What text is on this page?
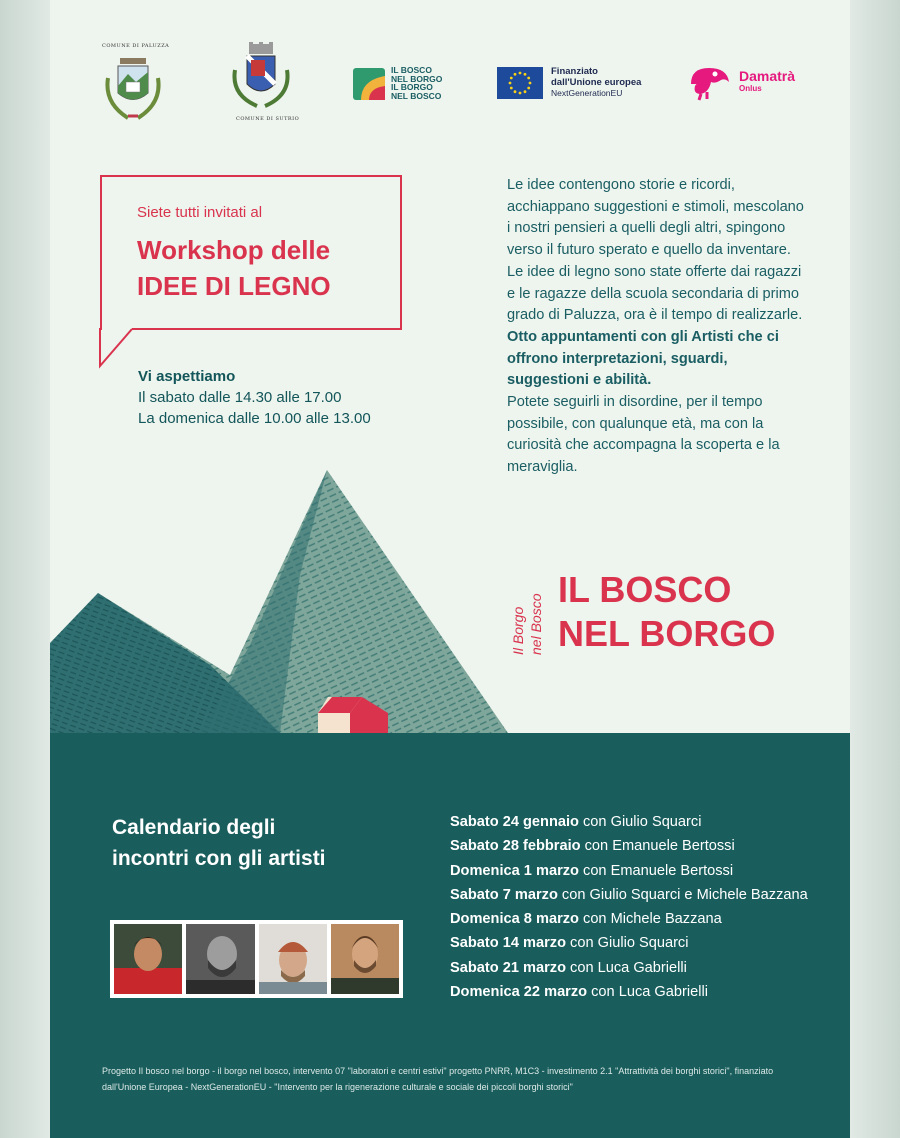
COMUNE DI PALUZZA
COMUNE DI SUTRIO
IL BOSCO
NEL BORGO
IL BORGO
NEL BOSCO
Finanziato
dall'Unione europea
NextGenerationEU
Damatrà
Onlus
Siete tutti invitati al
Workshop delle
IDEE DI LEGNO
Vi aspettiamo
Il sabato dalle 14.30 alle 17.00
La domenica dalle 10.00 alle 13.00
Le idee contengono storie e ricordi, acchiappano suggestioni e stimoli, mescolano i nostri pensieri a quelli degli altri, spingono verso il futuro sperato e quello da inventare.
Le idee di legno sono state offerte dai ragazzi e le ragazze della scuola secondaria di primo grado di Paluzza, ora è il tempo di realizzarle.
Otto appuntamenti con gli Artisti che ci offrono interpretazioni, sguardi, suggestioni e abilità.
Potete seguirli in disordine, per il tempo possibile, con qualunque età, ma con la curiosità che accompagna la scoperta e la meraviglia.
Il Borgo nel Bosco
IL BOSCO
NEL BORGO
Calendario degli
incontri con gli artisti
Sabato 24 gennaio con Giulio Squarci
Sabato 28 febbraio con Emanuele Bertossi
Domenica 1 marzo con Emanuele Bertossi
Sabato 7 marzo con Giulio Squarci e Michele Bazzana
Domenica 8 marzo con Michele Bazzana
Sabato 14 marzo con Giulio Squarci
Sabato 21 marzo con Luca Gabrielli
Domenica 22 marzo con Luca Gabrielli
Progetto Il bosco nel borgo - il borgo nel bosco, intervento 07 "laboratori e centri estivi" progetto PNRR, M1C3 - investimento 2.1 "Attrattività dei borghi storici", finanziato dall'Unione Europea - NextGenerationEU - "Intervento per la rigenerazione culturale e sociale dei piccoli borghi storici"
